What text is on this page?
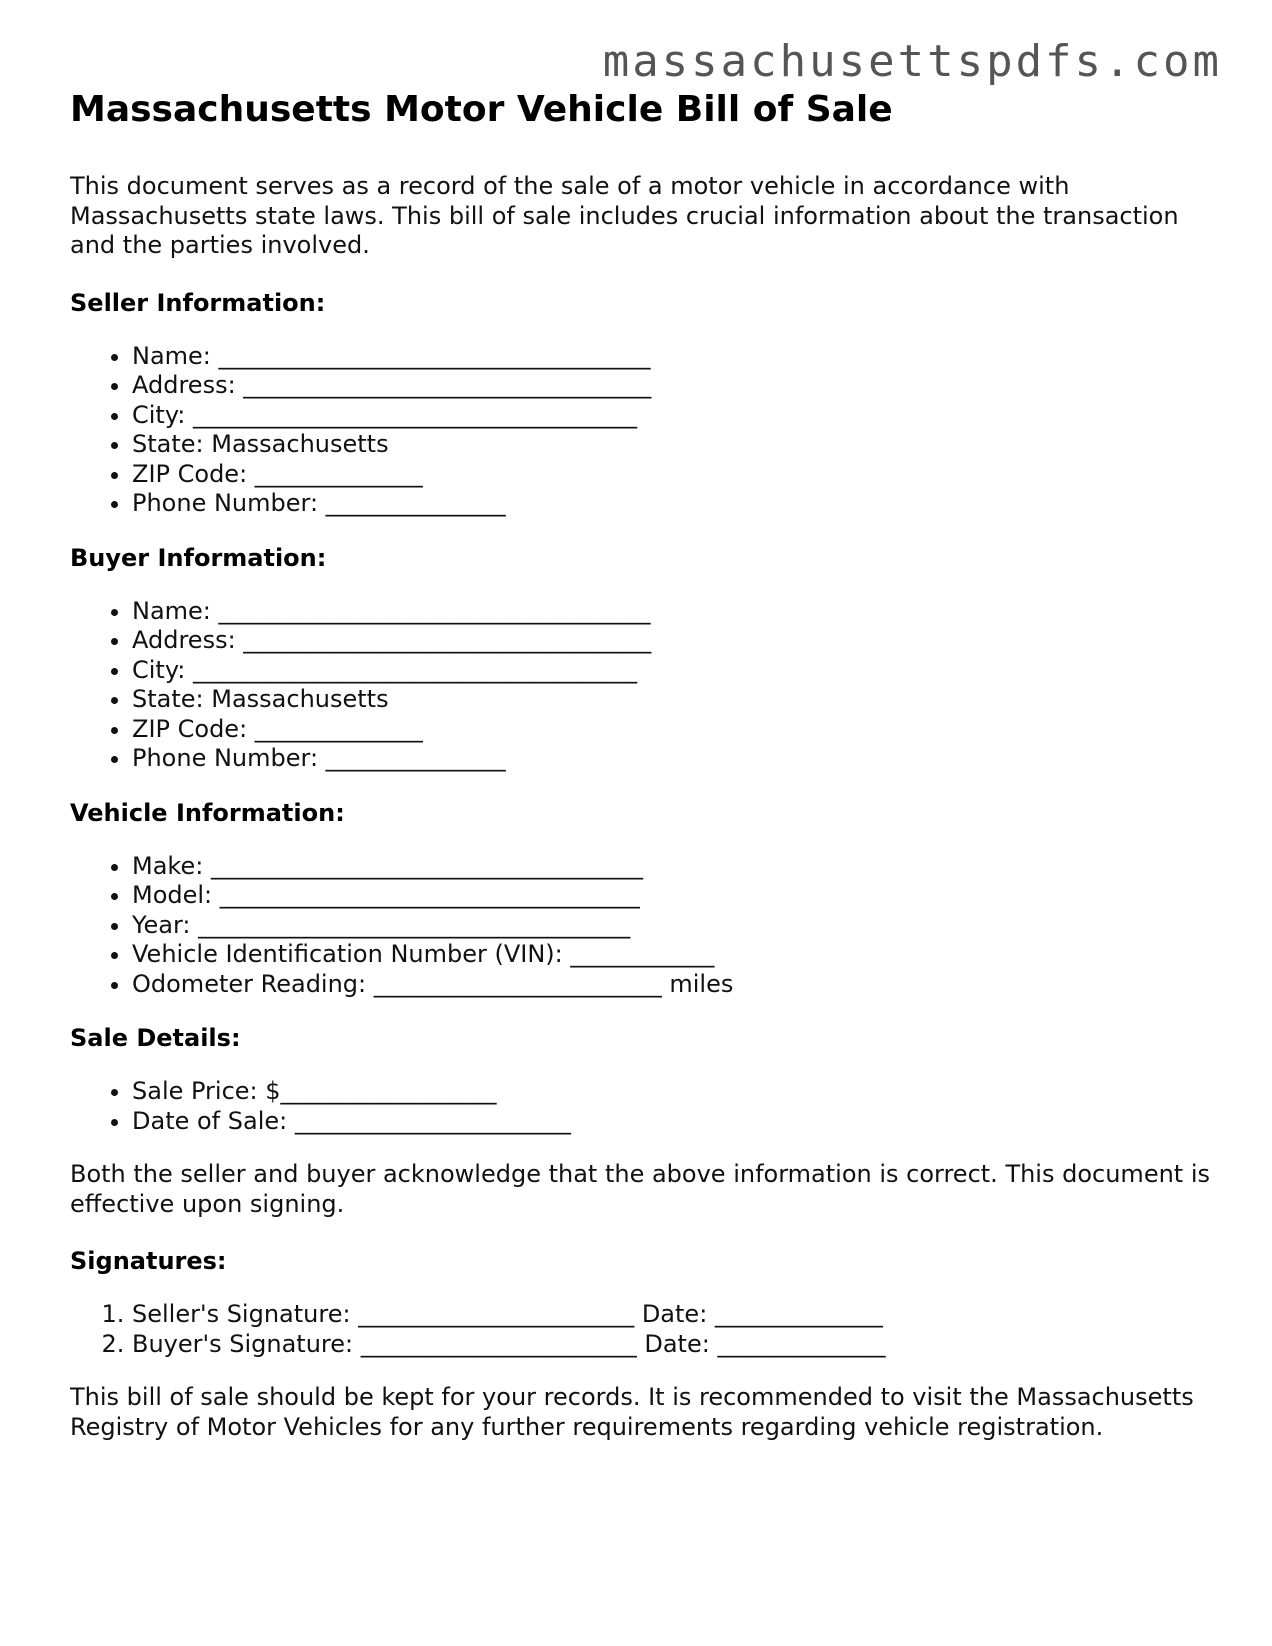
massachusettspdfs.com
Massachusetts Motor Vehicle Bill of Sale

This document serves as a record of the sale of a motor vehicle in accordance with Massachusetts state laws. This bill of sale includes crucial information about the transaction and the parties involved.

Seller Information:
• Name: ____________________________________
• Address: __________________________________
• City: _____________________________________
• State: Massachusetts
• ZIP Code: ______________
• Phone Number: _______________
Buyer Information:
• Name: ____________________________________
• Address: __________________________________
• City: _____________________________________
• State: Massachusetts
• ZIP Code: ______________
• Phone Number: _______________
Vehicle Information:
• Make: ____________________________________
• Model: ___________________________________
• Year: ____________________________________
• Vehicle Identification Number (VIN): ____________
• Odometer Reading: ________________________ miles
Sale Details:
• Sale Price: $__________________
• Date of Sale: _______________________

Both the seller and buyer acknowledge that the above information is correct. This document is effective upon signing.

Signatures:
1. Seller's Signature: _______________________ Date: ______________
2. Buyer's Signature: _______________________ Date: ______________

This bill of sale should be kept for your records. It is recommended to visit the Massachusetts Registry of Motor Vehicles for any further requirements regarding vehicle registration.
